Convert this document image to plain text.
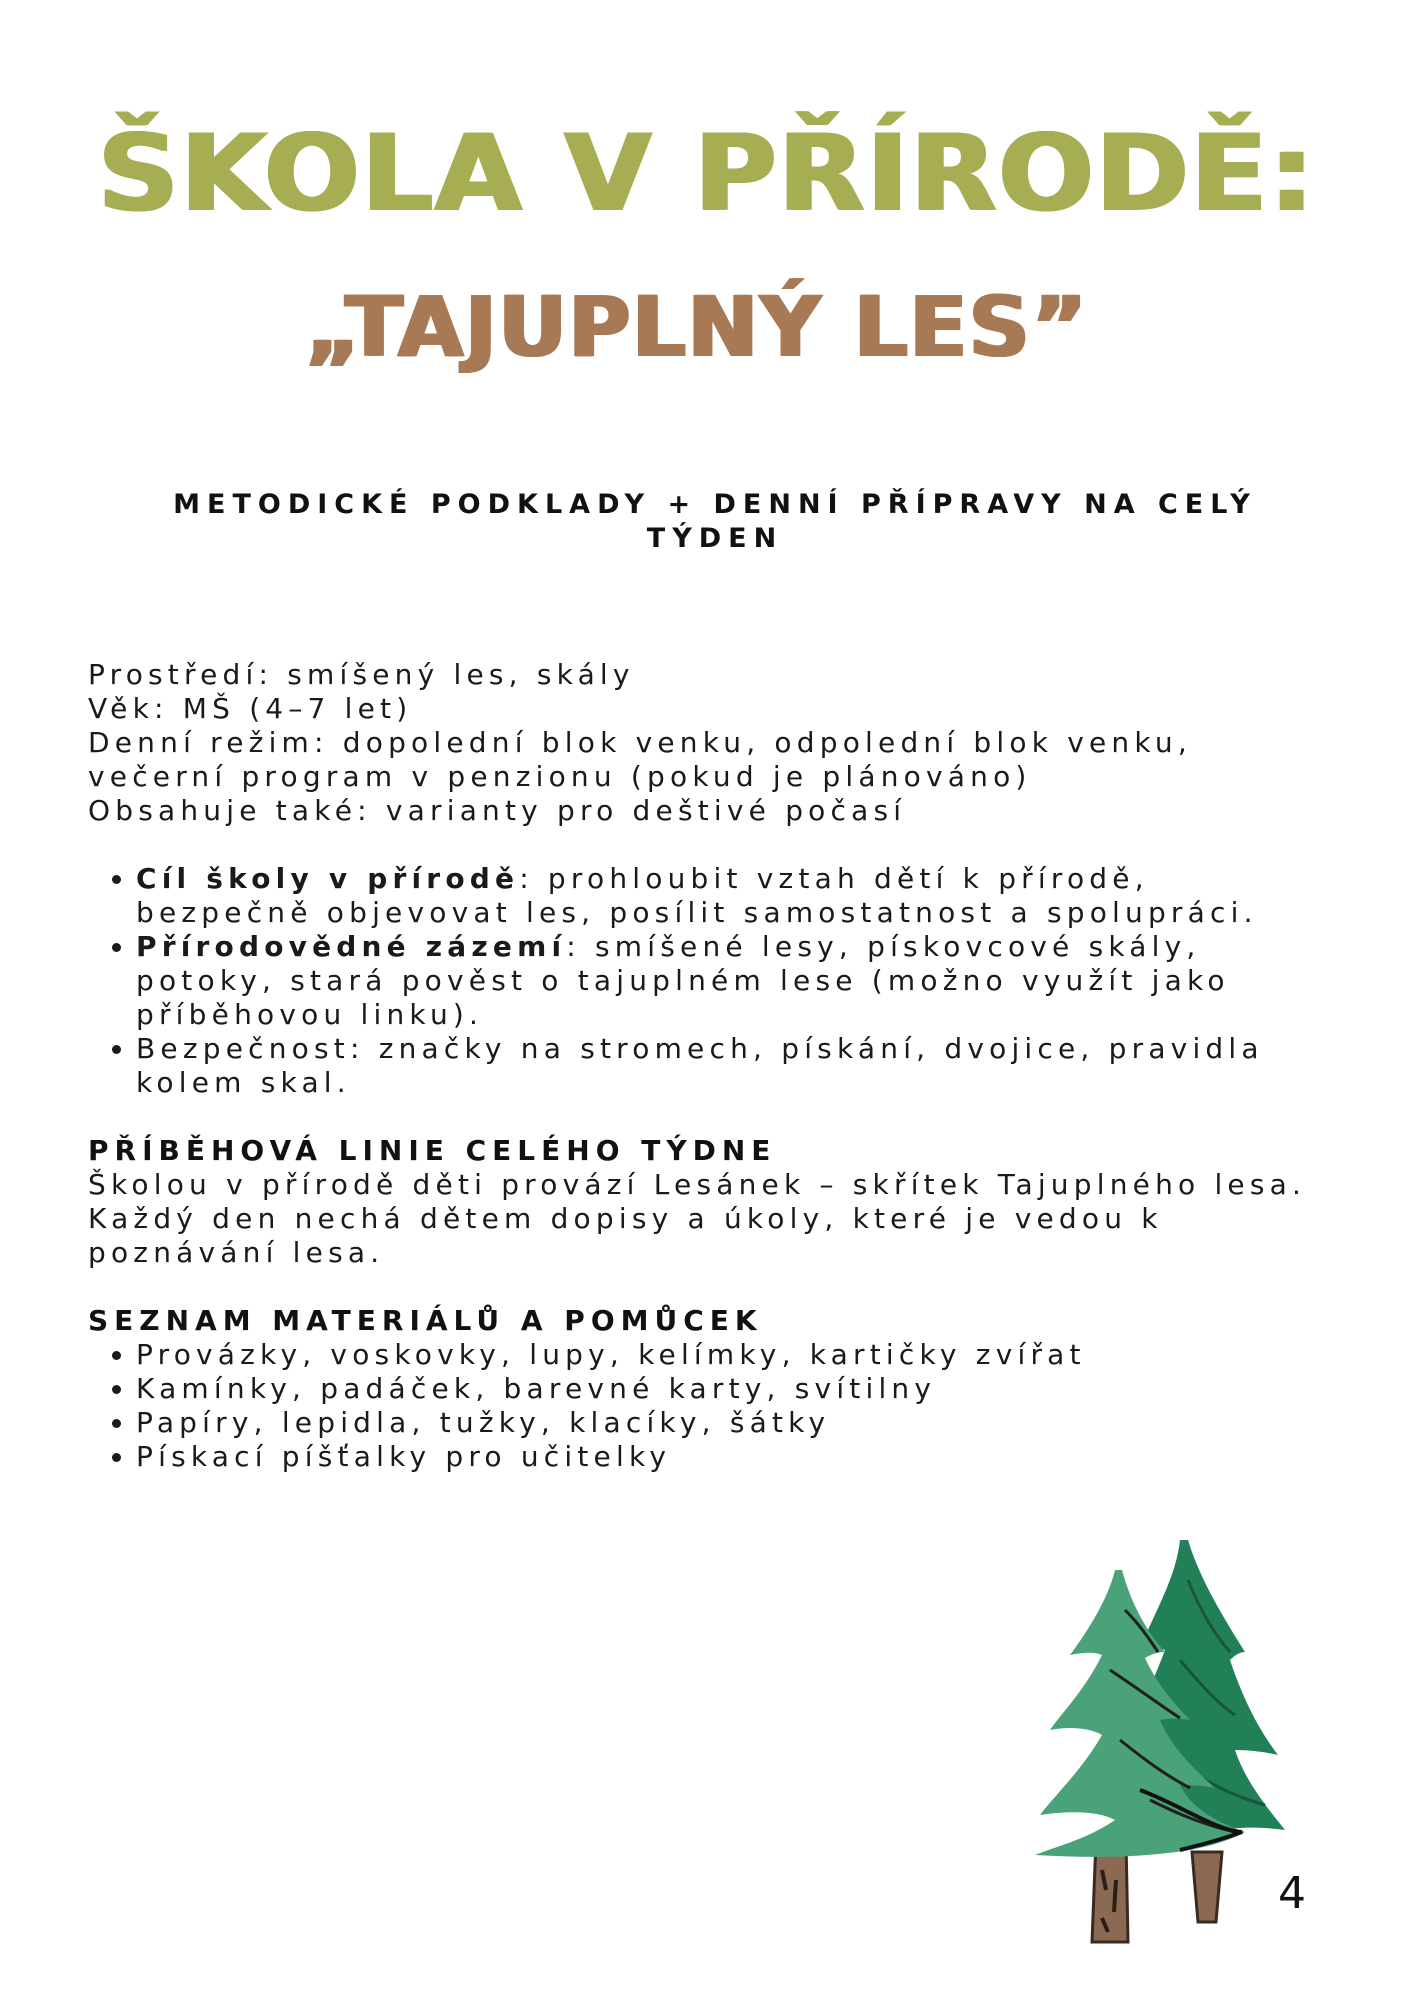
ŠKOLA V PŘÍRODĚ:
„TAJUPLNÝ LES”
METODICKÉ PODKLADY + DENNÍ PŘÍPRAVY NA CELÝ TÝDEN

Prostředí: smíšený les, skály

Věk: MŠ (4–7 let)

Denní režim: dopolední blok venku, odpolední blok venku, večerní program v penzionu (pokud je plánováno)

Obsahuje také: varianty pro deštivé počasí

• Cíl školy v přírodě: prohloubit vztah dětí k přírodě, bezpečně objevovat les, posílit samostatnost a spolupráci.
• Přírodovědné zázemí: smíšené lesy, pískovcové skály, potoky, stará pověst o tajuplném lese (možno využít jako příběhovou linku).
• Bezpečnost: značky na stromech, pískání, dvojice, pravidla kolem skal.

PŘÍBĚHOVÁ LINIE CELÉHO TÝDNE

Školou v přírodě děti provází Lesánek – skřítek Tajuplného lesa.

Každý den nechá dětem dopisy a úkoly, které je vedou k poznávání lesa.

SEZNAM MATERIÁLŮ A POMŮCEK

• Provázky, voskovky, lupy, kelímky, kartičky zvířat
• Kamínky, padáček, barevné karty, svítilny
• Papíry, lepidla, tužky, klacíky, šátky
• Pískací píšťalky pro učitelky
4
